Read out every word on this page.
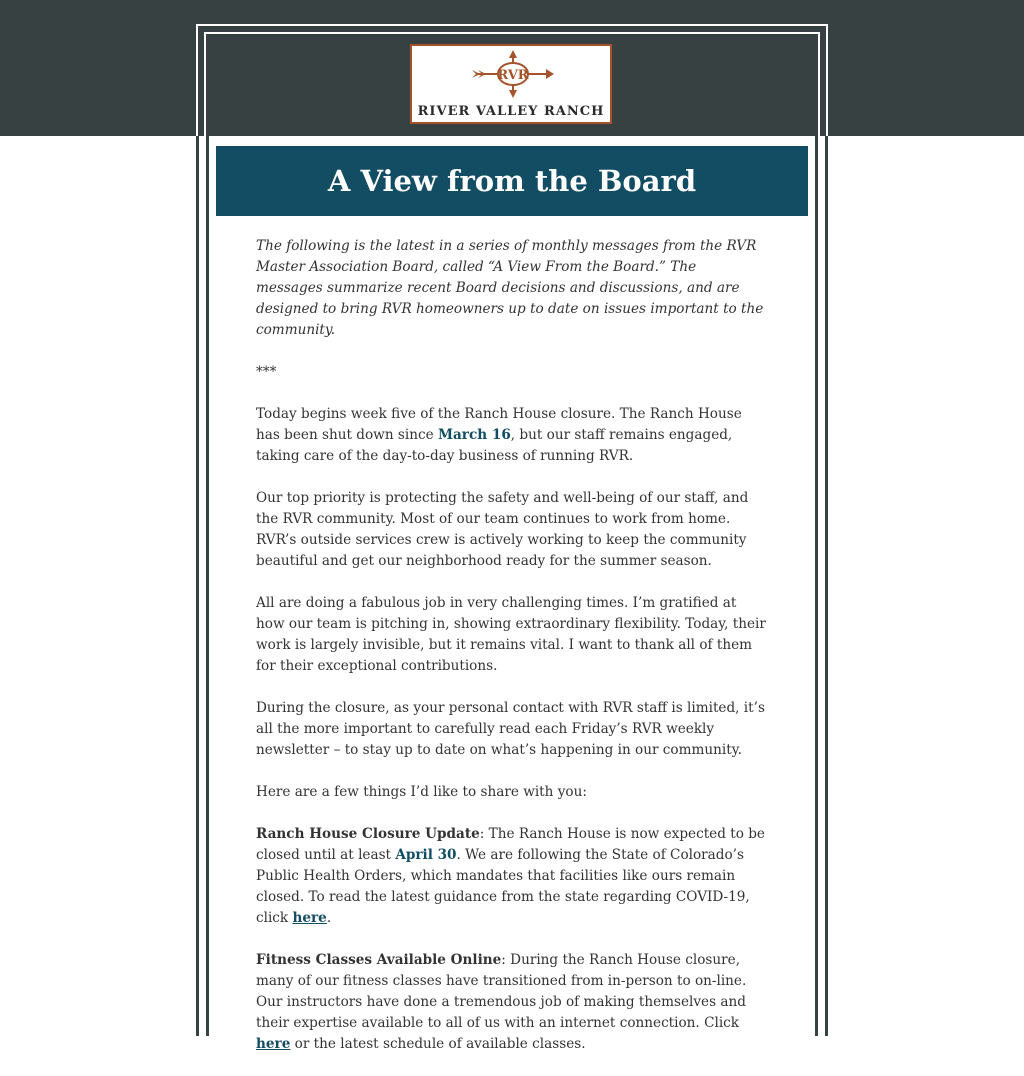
RVR
RIVER VALLEY RANCH
A View from the Board

The following is the latest in a series of monthly messages from the RVR Master Association Board, called “A View From the Board.” The messages summarize recent Board decisions and discussions, and are designed to bring RVR homeowners up to date on issues important to the community.

***

Today begins week five of the Ranch House closure. The Ranch House has been shut down since March 16, but our staff remains engaged, taking care of the day-to-day business of running RVR.

Our top priority is protecting the safety and well-being of our staff, and the RVR community. Most of our team continues to work from home. RVR’s outside services crew is actively working to keep the community beautiful and get our neighborhood ready for the summer season.

All are doing a fabulous job in very challenging times. I’m gratified at how our team is pitching in, showing extraordinary flexibility. Today, their work is largely invisible, but it remains vital. I want to thank all of them for their exceptional contributions.

During the closure, as your personal contact with RVR staff is limited, it’s all the more important to carefully read each Friday’s RVR weekly newsletter – to stay up to date on what’s happening in our community.

Here are a few things I’d like to share with you:

Ranch House Closure Update: The Ranch House is now expected to be closed until at least April 30. We are following the State of Colorado’s Public Health Orders, which mandates that facilities like ours remain closed. To read the latest guidance from the state regarding COVID-19, click here.

Fitness Classes Available Online: During the Ranch House closure, many of our fitness classes have transitioned from in-person to on-line. Our instructors have done a tremendous job of making themselves and their expertise available to all of us with an internet connection. Click here or the latest schedule of available classes.
